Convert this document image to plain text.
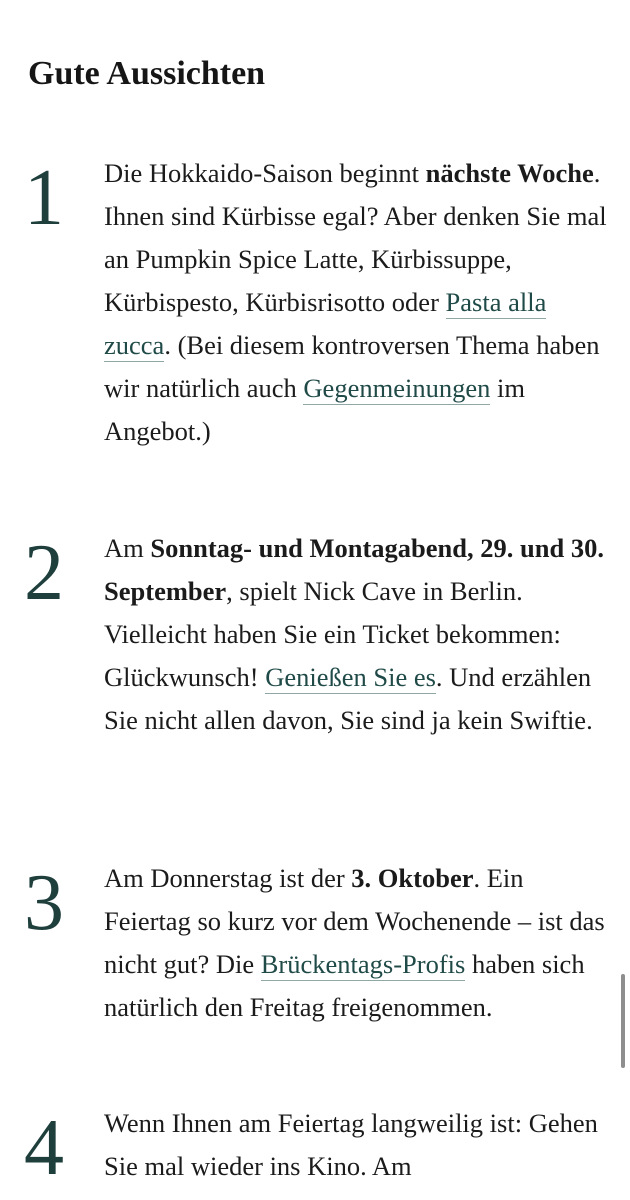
Gute Aussichten
1 Die Hokkaido-Saison beginnt nächste Woche. Ihnen sind Kürbisse egal? Aber denken Sie mal an Pumpkin Spice Latte, Kürbissuppe, Kürbispesto, Kürbisrisotto oder Pasta alla zucca. (Bei diesem kontroversen Thema haben wir natürlich auch Gegenmeinungen im Angebot.)

2 Am Sonntag- und Montagabend, 29. und 30. September, spielt Nick Cave in Berlin. Vielleicht haben Sie ein Ticket bekommen: Glückwunsch! Genießen Sie es. Und erzählen Sie nicht allen davon, Sie sind ja kein Swiftie.

3 Am Donnerstag ist der 3. Oktober. Ein Feiertag so kurz vor dem Wochenende – ist das nicht gut? Die Brückentags-Profis haben sich natürlich den Freitag freigenommen.

4 Wenn Ihnen am Feiertag langweilig ist: Gehen Sie mal wieder ins Kino. Am
